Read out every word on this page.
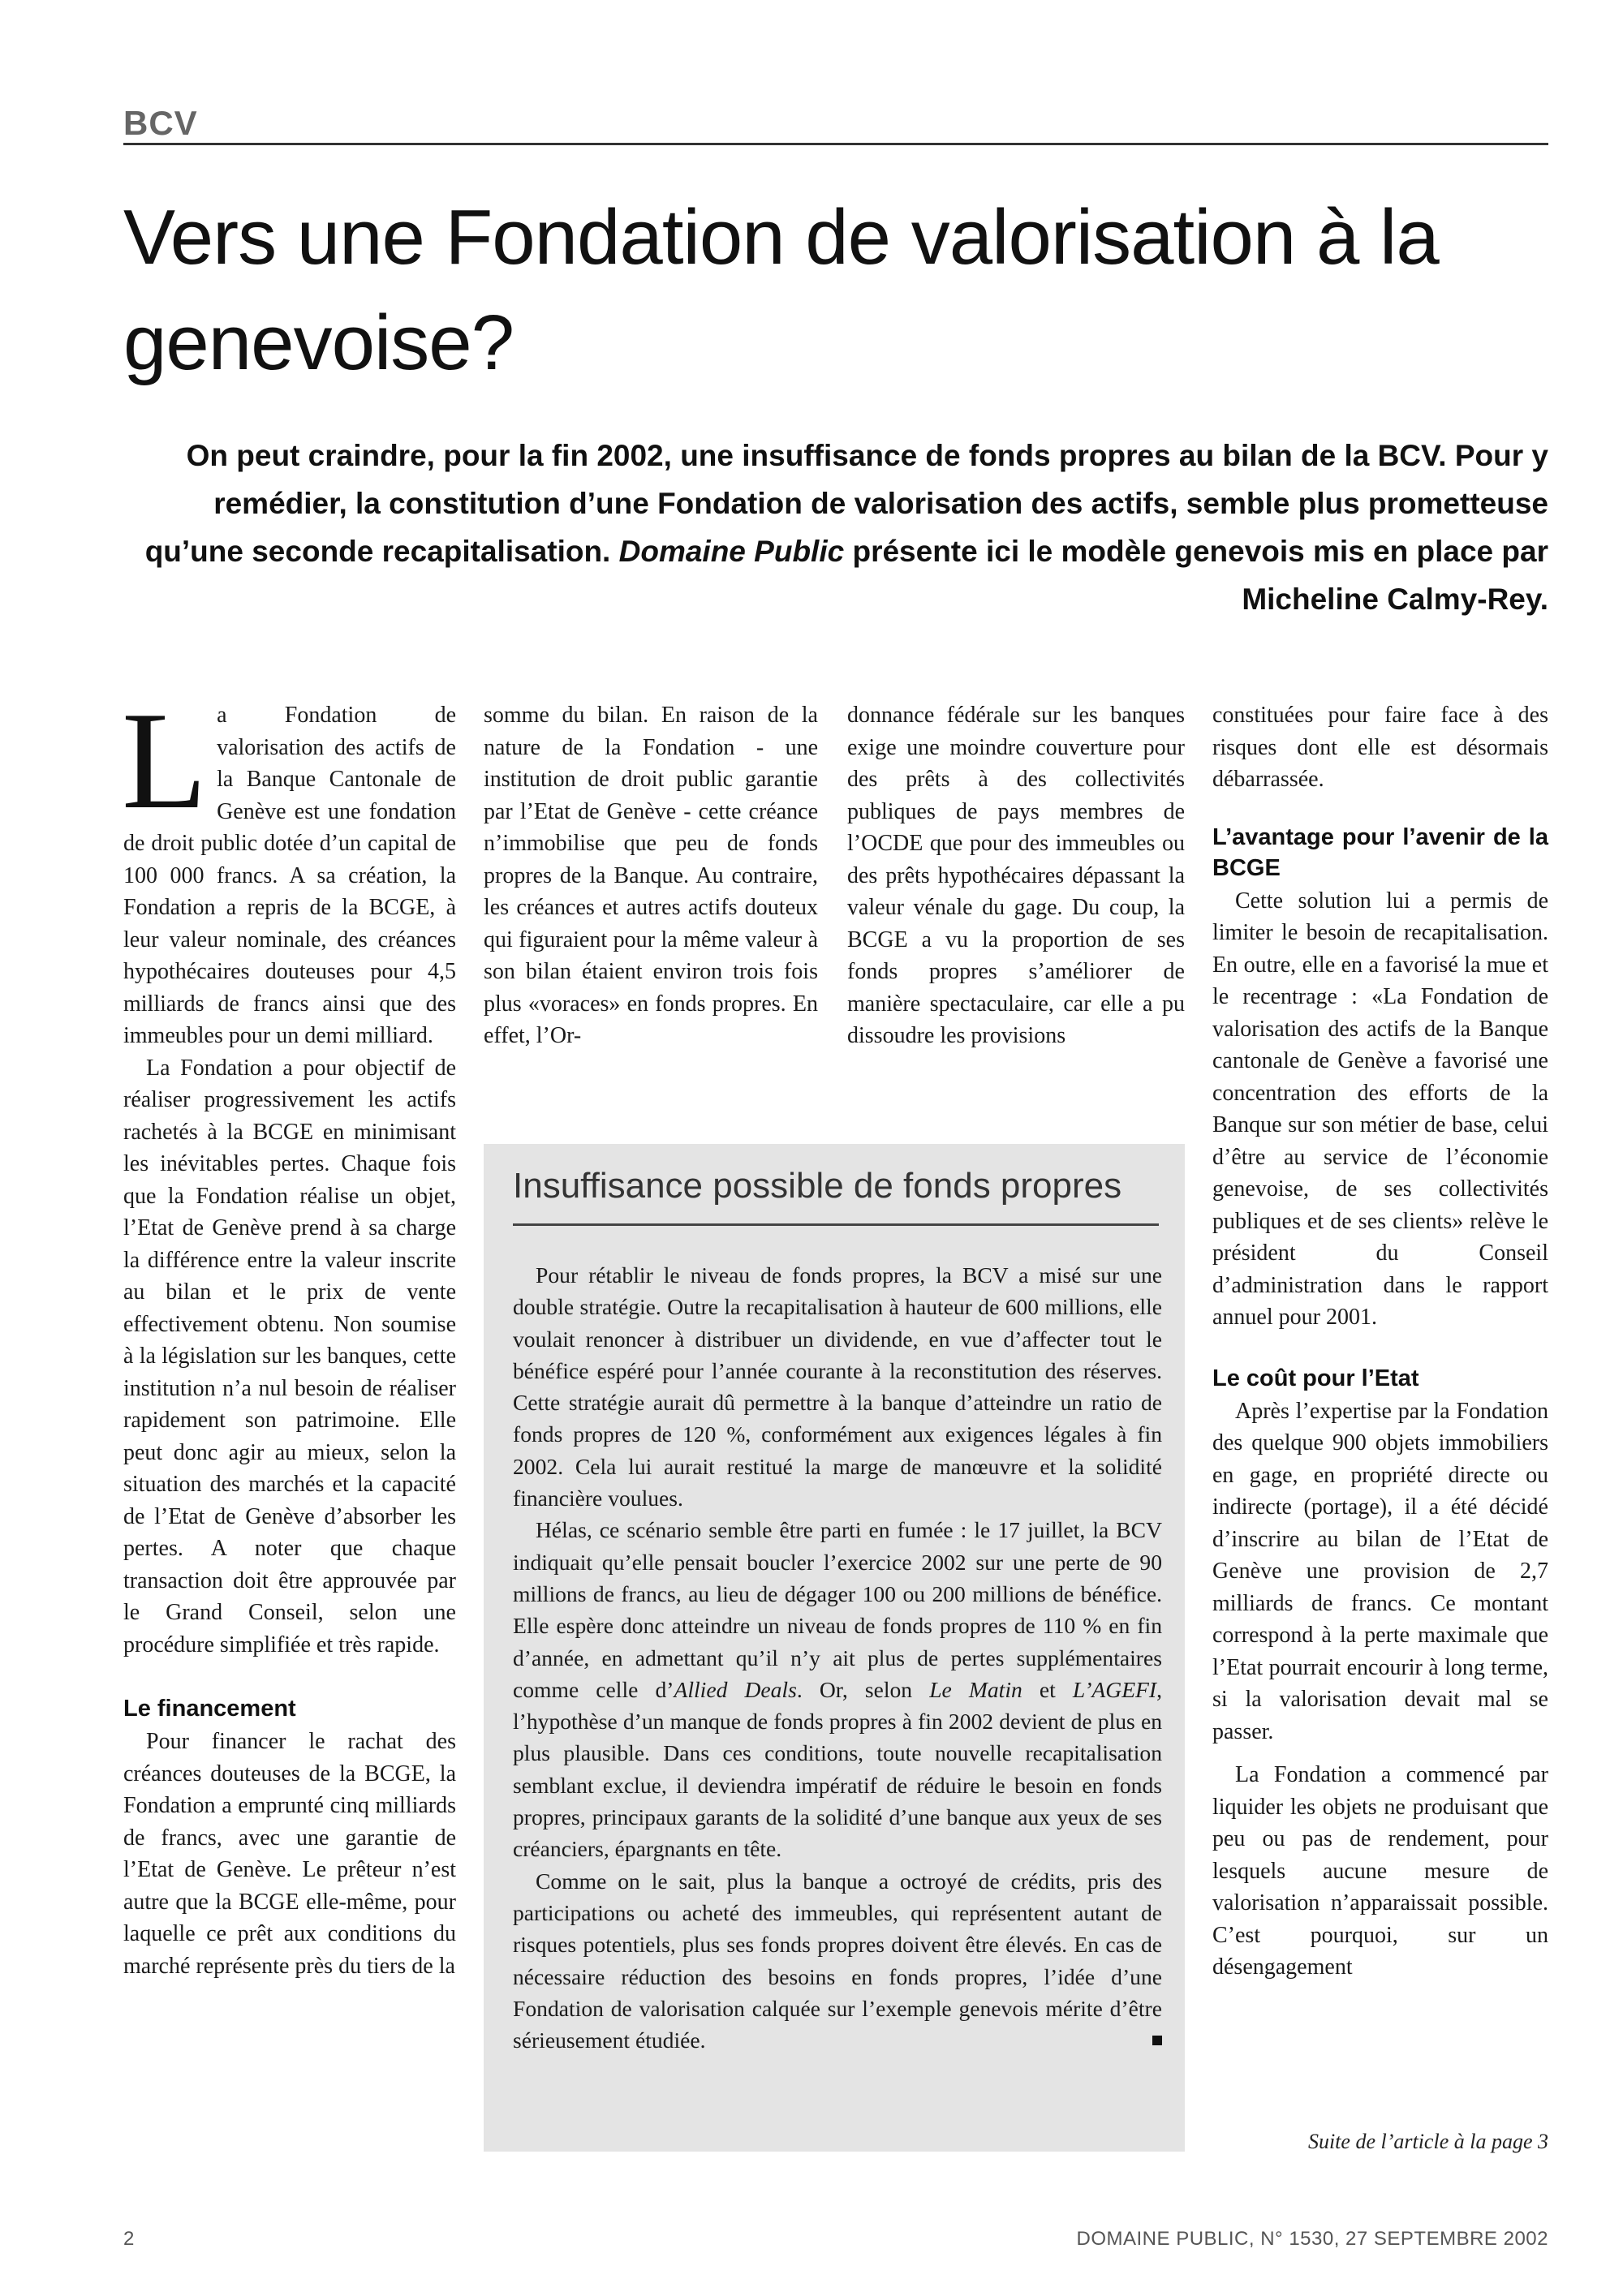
BCV
Vers une Fondation de valorisation à la genevoise?

On peut craindre, pour la fin 2002, une insuffisance de fonds propres au bilan de la BCV. Pour y remédier, la constitution d’une Fondation de valorisation des actifs, semble plus prometteuse qu’une seconde recapitalisation. Domaine Public présente ici le modèle genevois mis en place par Micheline Calmy-Rey.

La Fondation de valorisation des actifs de la Banque Cantonale de Genève est une fondation de droit public dotée d’un capital de 100 000 francs. A sa création, la Fondation a repris de la BCGE, à leur valeur nominale, des créances hypothécaires douteuses pour 4,5 milliards de francs ainsi que des immeubles pour un demi milliard.

La Fondation a pour objectif de réaliser progressivement les actifs rachetés à la BCGE en minimisant les inévitables pertes. Chaque fois que la Fondation réalise un objet, l’Etat de Genève prend à sa charge la différence entre la valeur inscrite au bilan et le prix de vente effectivement obtenu. Non soumise à la législation sur les banques, cette institution n’a nul besoin de réaliser rapidement son patrimoine. Elle peut donc agir au mieux, selon la situation des marchés et la capacité de l’Etat de Genève d’absorber les pertes. A noter que chaque transaction doit être approuvée par le Grand Conseil, selon une procédure simplifiée et très rapide.

Le financement

Pour financer le rachat des créances douteuses de la BCGE, la Fondation a emprunté cinq milliards de francs, avec une garantie de l’Etat de Genève. Le prêteur n’est autre que la BCGE elle-même, pour laquelle ce prêt aux conditions du marché représente près du tiers de la

somme du bilan. En raison de la nature de la Fondation - une institution de droit public garantie par l’Etat de Genève - cette créance n’immobilise que peu de fonds propres de la Banque. Au contraire, les créances et autres actifs douteux qui figuraient pour la même valeur à son bilan étaient environ trois fois plus «voraces» en fonds propres. En effet, l’Or-

donnance fédérale sur les banques exige une moindre couverture pour des prêts à des collectivités publiques de pays membres de l’OCDE que pour des immeubles ou des prêts hypothécaires dépassant la valeur vénale du gage. Du coup, la BCGE a vu la proportion de ses fonds propres s’améliorer de manière spectaculaire, car elle a pu dissoudre les provisions

constituées pour faire face à des risques dont elle est désormais débarrassée.

L’avantage pour l’avenir de la BCGE

Cette solution lui a permis de limiter le besoin de recapitalisation. En outre, elle en a favorisé la mue et le recentrage : «La Fondation de valorisation des actifs de la Banque cantonale de Genève a favorisé une concentration des efforts de la Banque sur son métier de base, celui d’être au service de l’économie genevoise, de ses collectivités publiques et de ses clients» relève le président du Conseil d’administration dans le rapport annuel pour 2001.

Le coût pour l’Etat

Après l’expertise par la Fondation des quelque 900 objets immobiliers en gage, en propriété directe ou indirecte (portage), il a été décidé d’inscrire au bilan de l’Etat de Genève une provision de 2,7 milliards de francs. Ce montant correspond à la perte maximale que l’Etat pourrait encourir à long terme, si la valorisation devait mal se passer.

La Fondation a commencé par liquider les objets ne produisant que peu ou pas de rendement, pour lesquels aucune mesure de valorisation n’apparaissait possible. C’est pourquoi, sur un désengagement

Insuffisance possible de fonds propres

Pour rétablir le niveau de fonds propres, la BCV a misé sur une double stratégie. Outre la recapitalisation à hauteur de 600 millions, elle voulait renoncer à distribuer un dividende, en vue d’affecter tout le bénéfice espéré pour l’année courante à la reconstitution des réserves. Cette stratégie aurait dû permettre à la banque d’atteindre un ratio de fonds propres de 120 %, conformément aux exigences légales à fin 2002. Cela lui aurait restitué la marge de manœuvre et la solidité financière voulues.

Hélas, ce scénario semble être parti en fumée : le 17 juillet, la BCV indiquait qu’elle pensait boucler l’exercice 2002 sur une perte de 90 millions de francs, au lieu de dégager 100 ou 200 millions de bénéfice. Elle espère donc atteindre un niveau de fonds propres de 110 % en fin d’année, en admettant qu’il n’y ait plus de pertes supplémentaires comme celle d’Allied Deals. Or, selon Le Matin et L’AGEFI, l’hypothèse d’un manque de fonds propres à fin 2002 devient de plus en plus plausible. Dans ces conditions, toute nouvelle recapitalisation semblant exclue, il deviendra impératif de réduire le besoin en fonds propres, principaux garants de la solidité d’une banque aux yeux de ses créanciers, épargnants en tête.

Comme on le sait, plus la banque a octroyé de crédits, pris des participations ou acheté des immeubles, qui représentent autant de risques potentiels, plus ses fonds propres doivent être élevés. En cas de nécessaire réduction des besoins en fonds propres, l’idée d’une Fondation de valorisation calquée sur l’exemple genevois mérite d’être sérieusement étudiée.

Suite de l’article à la page 3
2	DOMAINE PUBLIC, N° 1530, 27 SEPTEMBRE 2002
